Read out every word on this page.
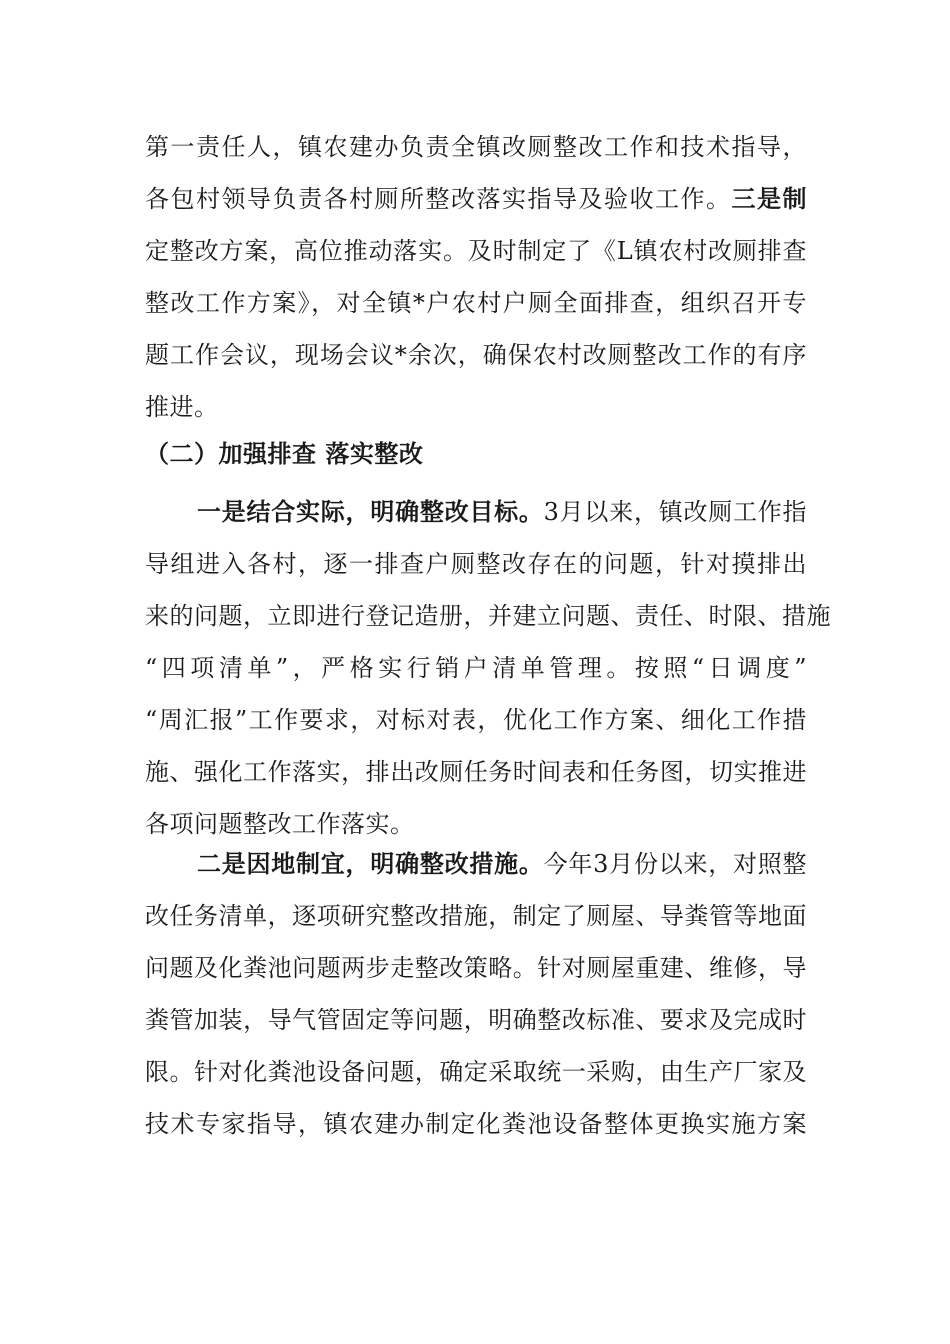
第一责任人，镇农建办负责全镇改厕整改工作和技术指导，
各包村领导负责各村厕所整改落实指导及验收工作。三是制
定整改方案，高位推动落实。及时制定了《L镇农村改厕排查
整改工作方案》，对全镇*户农村户厕全面排查，组织召开专
题工作会议，现场会议*余次，确保农村改厕整改工作的有序
推进。
（二）加强排查 落实整改
一是结合实际，明确整改目标。3月以来，镇改厕工作指
导组进入各村，逐一排查户厕整改存在的问题，针对摸排出
来的问题，立即进行登记造册，并建立问题、责任、时限、措施
“四项清单”，严格实行销户清单管理。按照“日调度”
“周汇报”工作要求，对标对表，优化工作方案、细化工作措
施、强化工作落实，排出改厕任务时间表和任务图，切实推进
各项问题整改工作落实。
二是因地制宜，明确整改措施。今年3月份以来，对照整
改任务清单，逐项研究整改措施，制定了厕屋、导粪管等地面
问题及化粪池问题两步走整改策略。针对厕屋重建、维修，导
粪管加装，导气管固定等问题，明确整改标准、要求及完成时
限。针对化粪池设备问题，确定采取统一采购，由生产厂家及
技术专家指导，镇农建办制定化粪池设备整体更换实施方案
